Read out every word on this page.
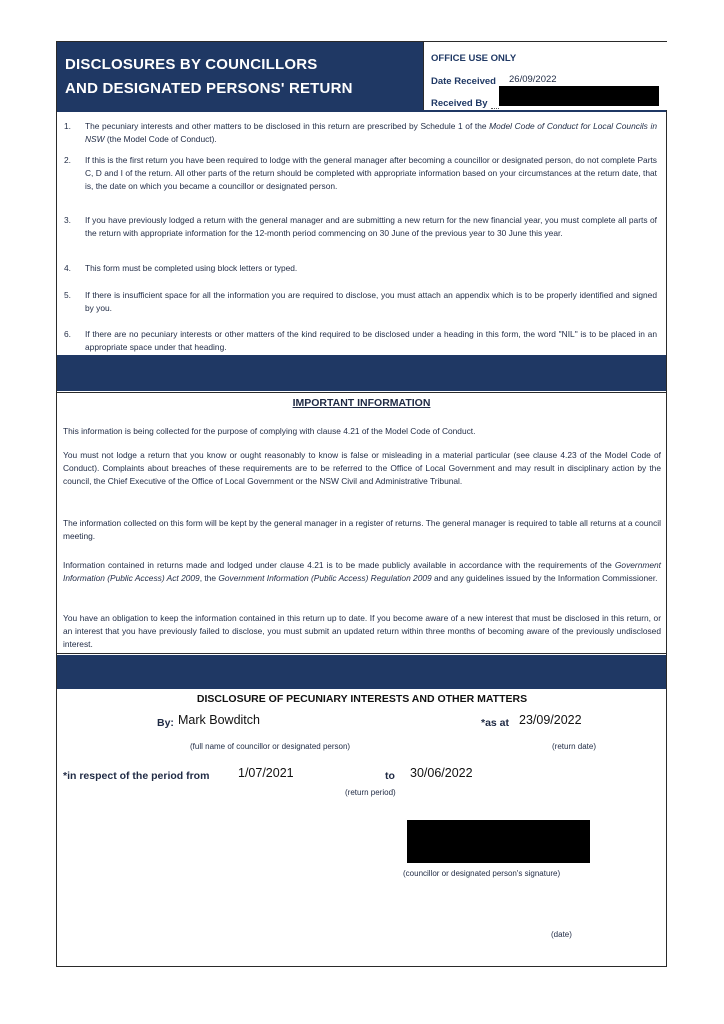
DISCLOSURES BY COUNCILLORS
AND DESIGNATED PERSONS' RETURN
OFFICE USE ONLY
Date Received 26/09/2022
Received By
1. The pecuniary interests and other matters to be disclosed in this return are prescribed by Schedule 1 of the Model Code of Conduct for Local Councils in NSW (the Model Code of Conduct).
2. If this is the first return you have been required to lodge with the general manager after becoming a councillor or designated person, do not complete Parts C, D and I of the return. All other parts of the return should be completed with appropriate information based on your circumstances at the return date, that is, the date on which you became a councillor or designated person.
3. If you have previously lodged a return with the general manager and are submitting a new return for the new financial year, you must complete all parts of the return with appropriate information for the 12-month period commencing on 30 June of the previous year to 30 June this year.
4. This form must be completed using block letters or typed.
5. If there is insufficient space for all the information you are required to disclose, you must attach an appendix which is to be properly identified and signed by you.
6. If there are no pecuniary interests or other matters of the kind required to be disclosed under a heading in this form, the word "NIL" is to be placed in an appropriate space under that heading.
IMPORTANT INFORMATION
This information is being collected for the purpose of complying with clause 4.21 of the Model Code of Conduct.
You must not lodge a return that you know or ought reasonably to know is false or misleading in a material particular (see clause 4.23 of the Model Code of Conduct). Complaints about breaches of these requirements are to be referred to the Office of Local Government and may result in disciplinary action by the council, the Chief Executive of the Office of Local Government or the NSW Civil and Administrative Tribunal.
The information collected on this form will be kept by the general manager in a register of returns. The general manager is required to table all returns at a council meeting.
Information contained in returns made and lodged under clause 4.21 is to be made publicly available in accordance with the requirements of the Government Information (Public Access) Act 2009, the Government Information (Public Access) Regulation 2009 and any guidelines issued by the Information Commissioner.
You have an obligation to keep the information contained in this return up to date. If you become aware of a new interest that must be disclosed in this return, or an interest that you have previously failed to disclose, you must submit an updated return within three months of becoming aware of the previously undisclosed interest.
DISCLOSURE OF PECUNIARY INTERESTS AND OTHER MATTERS
By: Mark Bowditch	*as at 23/09/2022
(full name of councillor or designated person)	(return date)
*in respect of the period from 1/07/2021	to 30/06/2022
(return period)
(councillor or designated person's signature)
(date)
